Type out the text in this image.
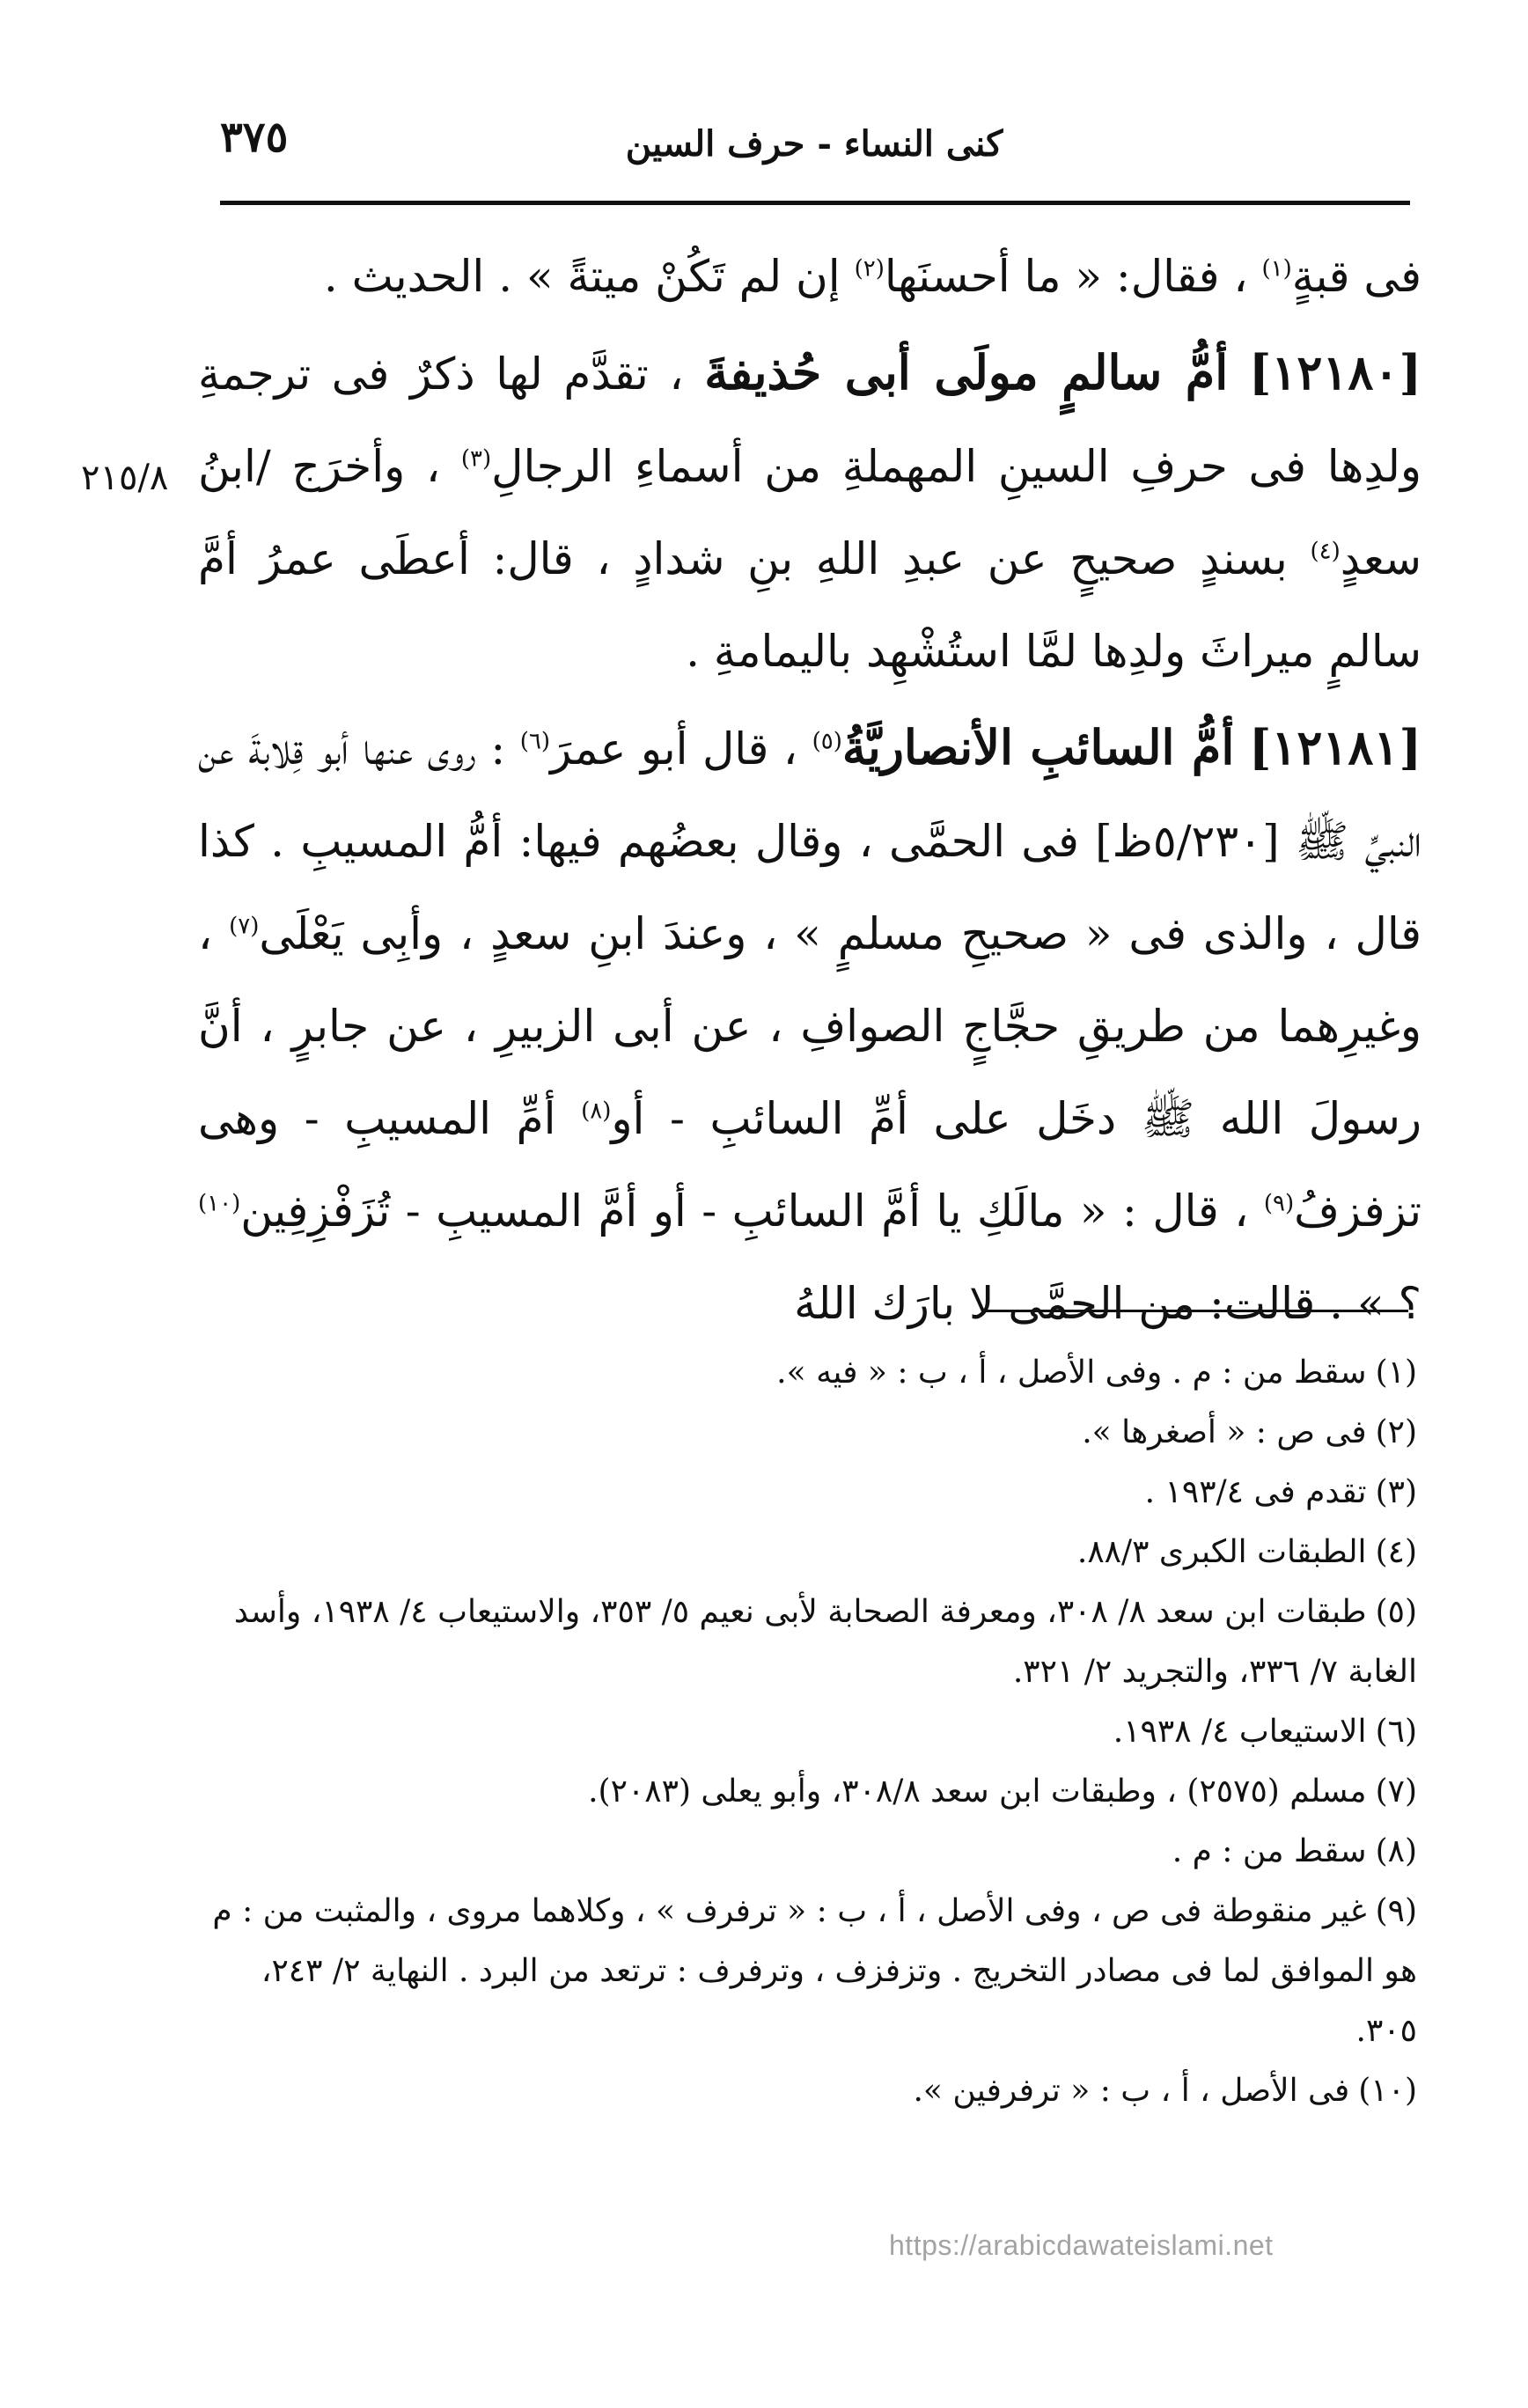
٣٧٥	كنى النساء - حرف السين

فى قبةٍ$^{(١)}$ ، فقال: « ما أحسنَها$^{(٢)}$ إن لم تَكُنْ ميتةً » . الحديث .

[١٢١٨٠] أمُّ سالمٍ مولَى أبى حُذيفةَ ، تقدَّم لها ذكرٌ فى ترجمةِ ولدِها فى حرفِ السينِ المهملةِ من أسماءِ الرجالِ$^{(٣)}$ ، وأخرَج /ابنُ سعدٍ$^{(٤)}$ بسندٍ صحيحٍ عن عبدِ اللهِ بنِ شدادٍ ، قال: أعطَى عمرُ أمَّ سالمٍ ميراثَ ولدِها لمَّا استُشْهِد باليمامةِ .

[١٢١٨١] أمُّ السائبِ الأنصاريَّةُ$^{(٥)}$ ، قال أبو عمرَ$^{(٦)}$ : روى عنها أبو قِلابةَ عن النبيِّ ﷺ [٥/٢٣٠ظ] فى الحمَّى ، وقال بعضُهم فيها: أمُّ المسيبِ . كذا قال ، والذى فى « صحيحِ مسلمٍ » ، وعندَ ابنِ سعدٍ ، وأبِى يَعْلَى$^{(٧)}$ ، وغيرِهما من طريقِ حجَّاجٍ الصوافِ ، عن أبى الزبيرِ ، عن جابرٍ ، أنَّ رسولَ الله ﷺ دخَل على أمِّ السائبِ - أو$^{(٨)}$ أمِّ المسيبِ - وهى تزفزفُ$^{(٩)}$ ، قال : « مالَكِ يا أمَّ السائبِ - أو أمَّ المسيبِ - تُزَفْزِفِين$^{(١٠)}$ ؟ » . قالت: من الحمَّى لا بارَك اللهُ

٢١٥/٨

(١)سقط من : م . وفى الأصل ، أ ، ب : « فيه ».

(٢)فى ص : « أصغرها ».

(٣)تقدم فى ١٩٣/٤ .

(٤)الطبقات الكبرى ٨٨/٣.

(٥)طبقات ابن سعد ٨/ ٣٠٨، ومعرفة الصحابة لأبى نعيم ٥/ ٣٥٣، والاستيعاب ٤/ ١٩٣٨، وأسد الغابة ٧/ ٣٣٦، والتجريد ٢/ ٣٢١.

(٦)الاستيعاب ٤/ ١٩٣٨.

(٧)مسلم (٢٥٧٥) ، وطبقات ابن سعد ٣٠٨/٨، وأبو يعلى (٢٠٨٣).

(٨)سقط من : م .

(٩)غير منقوطة فى ص ، وفى الأصل ، أ ، ب : « ترفرف » ، وكلاهما مروى ، والمثبت من : م هو الموافق لما فى مصادر التخريج . وتزفزف ، وترفرف : ترتعد من البرد . النهاية ٢/ ٢٤٣، ٣٠٥.

(١٠)فى الأصل ، أ ، ب : « ترفرفين ».

https://arabicdawateislami.net
